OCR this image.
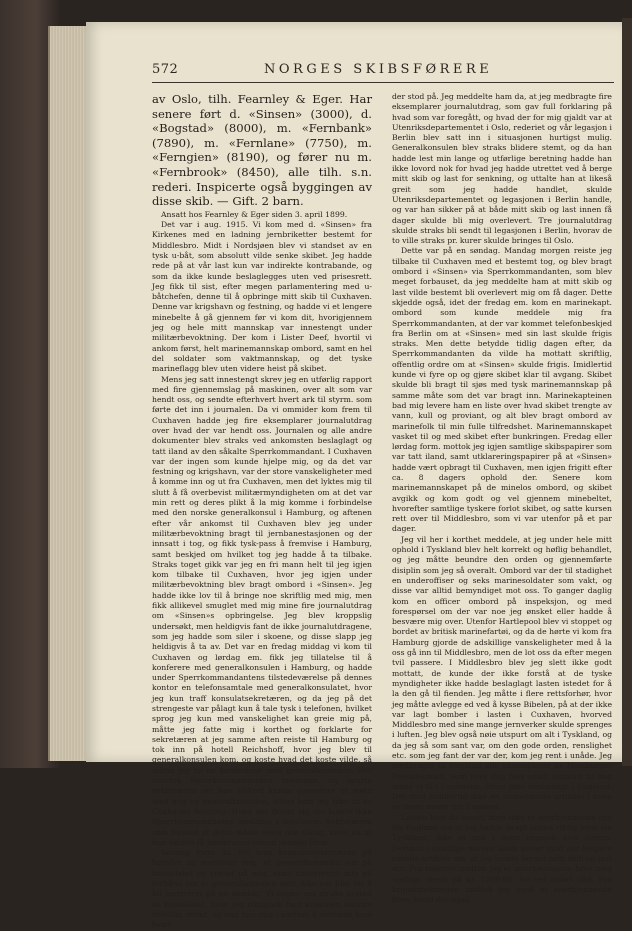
572	NORGES SKIBSFØRERE

av Oslo, tilh. Fearnley & Eger. Har senere ført d. «Sinsen» (3000), d. «Bogstad» (8000), m. «Fernbank» (7890), m. «Fernlane» (7750), m. «Ferngien» (8190), og fører nu m. «Fernbrook» (8450), alle tilh. s.n. rederi. Inspicerte også byggingen av disse skib. — Gift. 2 barn.

Ansatt hos Fearnley & Eger siden 3. april 1899.

Det var i aug. 1915. Vi kom med d. «Sinsen» fra Kirkenes med en ladning jernbriketter bestemt for Middlesbro. Midt i Nordsjøen blev vi standset av en tysk u-båt, som absolutt vilde senke skibet. Jeg hadde rede på at vår last kun var indirekte kontrabande, og som da ikke kunde beslaglegges uten ved prisesrett. Jeg fikk til sist, efter megen parlamentering med u-båtchefen, denne til å opbringe mitt skib til Cuxhaven. Denne var krigshavn og festning, og hadde vi et lengere minebelte å gå gjennem før vi kom dit, hvorigjennem jeg og hele mitt mannskap var innestengt under militærbevoktning. Der kom i Lister Deef, hvortil vi ankom først, helt marinemannskap ombord, samt en hel del soldater som vaktmannskap, og det tyske marineflagg blev uten videre heist på skibet.

Mens jeg satt innestengt skrev jeg en utførlig rapport med fire gjennemslag på maskinen, over alt som var hendt oss, og sendte efterhvert hvert ark til styrm. som førte det inn i journalen. Da vi ommider kom frem til Cuxhaven hadde jeg fire eksemplarer journalutdrag over hvad der var hendt oss. Journalen og alle andre dokumenter blev straks ved ankomsten beslaglagt og tatt iland av den såkalte Sperrkommandant. I Cuxhaven var der ingen som kunde hjelpe mig, og da det var festning og krigshavn, var der store vanskeligheter med å komme inn og ut fra Cuxhaven, men det lyktes mig til slutt å få overbevist militærmyndigheten om at det var min rett og deres plikt å la mig komme i forbindelse med den norske generalkonsul i Hamburg, og aftenen efter vår ankomst til Cuxhaven blev jeg under militærbevoktning bragt til jernbanestasjonen og der innsatt i tog, og fikk tysk-pass å fremvise i Hamburg, samt beskjed om hvilket tog jeg hadde å ta tilbake. Straks toget gikk var jeg en fri mann helt til jeg igjen kom tilbake til Cuxhaven, hvor jeg igjen under militærbevoktning blev bragt ombord i «Sinsen». Jeg hadde ikke lov til å bringe noe skriftlig med mig, men fikk allikevel smuglet med mig mine fire journalutdrag om «Sinsen»s opbringelse. Jeg blev kroppslig undersøkt, men heldigvis fant de ikke journalutdragene, som jeg hadde som siler i skoene, og disse slapp jeg heldigvis å ta av. Det var en fredag middag vi kom til Cuxhaven og lørdag em. fikk jeg tillatelse til å konferere med generalkonsulen i Hamburg, og hadde under Sperrkommandantens tilstedeværelse på dennes kontor en telefonsamtale med generalkonsulatet, hvor jeg kun traff konsulatsekretæren, og da jeg på det strengeste var pålagt kun å tale tysk i telefonen, hvilket sprog jeg kun med vanskelighet kan greie mig på, måtte jeg fatte mig i korthet og forklarte for sekretæren at jeg samme aften reiste til Hamburg og tok inn på hotell Reichshoff, hvor jeg blev til generalkonsulen kom, og koste hvad det koste vilde, så måtte jeg ha en konferanse med generalkonsulen. Her overtok Sperrkommandanten telefonen, og spurte sekretæren om han sikkert kunde garantere et møte med mig og generalkonsulen, ellers kom jeg ikke ut av Cuxhaven festning. Hvad det dreiet sig om kunde ikke Sperrkommandanten meddele i telefonen. Sekretæren som forstod at dette måtte være noe viktig, lovet da at han skulde få konferanse istand søndag form.

Søndag form. kl. 9½ kom konsulatsekretæren på hotellet og meddelte mig, at generalkonsulen var på konsulatet og ventet på mig, samt underrettet mig på forhånd om at generalkonsulen slett ikke var blid for å bli forstyrret på en søndag. Vi begav oss straks avsted til konsulatet, hvor jeg riktignok fant konsulen mindre velvillig stemt, og bad han mig i korthet å meddele ham hvad

der stod på. Jeg meddelte ham da, at jeg medbragte fire eksemplarer journalutdrag, som gav full forklaring på hvad som var foregått, og hvad der for mig gjaldt var at Utenriksdepartementet i Oslo, rederiet og vår legasjon i Berlin blev satt inn i situasjonen hurtigst mulig. Generalkonsulen blev straks blidere stemt, og da han hadde lest min lange og utførlige beretning hadde han ikke lovord nok for hvad jeg hadde utrettet ved å berge mitt skib og last for senkning, og uttalte han at likeså greit som jeg hadde handlet, skulde Utenriksdepartementet og legasjonen i Berlin handle, og var han sikker på at både mitt skib og last innen få dager skulde bli mig overlevert. Tre journalutdrag skulde straks bli sendt til legasjonen i Berlin, hvorav de to ville straks pr. kurer skulde bringes til Oslo.

Dette var på en søndag. Mandag morgen reiste jeg tilbake til Cuxhaven med et bestemt tog, og blev bragt ombord i «Sinsen» via Sperrkommandanten, som blev meget forbauset, da jeg meddelte ham at mitt skib og last vilde bestemt bli overlevert mig om få dager. Dette skjedde også, idet der fredag em. kom en marinekapt. ombord som kunde meddele mig fra Sperrkommandanten, at der var kommet telefonbeskjed fra Berlin om at «Sinsen» med sin last skulde frigis straks. Men dette betydde tidlig dagen efter, da Sperrkommandanten da vilde ha mottatt skriftlig, offentlig ordre om at «Sinsen» skulde frigis. Imidlertid kunde vi fyre op og gjøre skibet klar til avgang. Skibet skulde bli bragt til sjøs med tysk marinemannskap på samme måte som det var bragt inn. Marinekapteinen bad mig levere ham en liste over hvad skibet trengte av vann, kull og proviant, og alt blev bragt ombord av marinefolk til min fulle tilfredshet. Marinemannskapet vasket til og med skibet efter bunkringen. Fredag eller lørdag form. mottok jeg igjen samtlige skibspapirer som var tatt iland, samt utklareringspapirer på at «Sinsen» hadde vært opbragt til Cuxhaven, men igjen frigitt efter ca. 8 dagers ophold der. Senere kom marinemannskapet på de minelos ombord, og skibet avgikk og kom godt og vel gjennem minebeltet, hvorefter samtlige tyskere forlot skibet, og satte kursen rett over til Middlesbro, som vi var utenfor på et par dager.

Jeg vil her i korthet meddele, at jeg under hele mitt ophold i Tyskland blev helt korrekt og høflig behandlet, og jeg måtte beundre den orden og gjennemførte disiplin som jeg så overalt. Ombord var der til stadighet en underoffiser og seks marinesoldater som vakt, og disse var alltid bemyndiget mot oss. To ganger daglig kom en officer ombord på inspeksjon, og med forespørsel om der var noe jeg ønsket eller hadde å besvære mig over. Utenfor Hartlepool blev vi stoppet og bordet av britisk marinefartøi, og da de hørte vi kom fra Hamburg gjorde de adskillige vanskeligheter med å la oss gå inn til Middlesbro, men de lot oss da efter megen tvil passere. I Middlesbro blev jeg slett ikke godt mottatt, de kunde der ikke forstå at de tyske myndigheter ikke hadde beslaglagt lasten istedet for å la den gå til fienden. Jeg måtte i flere rettsforhør, hvor jeg måtte avlegge ed ved å kysse Bibelen, på at der ikke var lagt bomber i lasten i Cuxhaven, hvorved Middlesbro med sine mange jernverker skulde sprenges i luften. Jeg blev også nøie utspurt om alt i Tyskland, og da jeg så som sant var, om den gode orden, renslighet etc. som jeg fant der var der, kom jeg rent i unåde. Jeg medbragte til England alle eksemplarer av Hamburger Fremdenblatt, som hver dag blev sendt ombord til mig mens vi lå i Cuxhaven. Disse blev beslaglagt i England. Der stod imidlertid ikke en nedsettende artikkel i noen av disse aviser om England.

Lasten blev da losset, men ikke et anerkjennende ord fra England om at jeg hadde bragt lasten riktig frem via Tyskland, ikke et ord i noen engelsk avis derom. Derimot i samtlige norske lands aviser stod der lengere roende artikler om, at jeg hadde berget mitt skib og last etc. Fra rederiet mottok jeg et anerkjennende brev med vedlagt check på kr. 1000,00, for vel utført dåd. Fra krigsforsikringen mottok jeg også et anerkjennende brev, hvori der også
